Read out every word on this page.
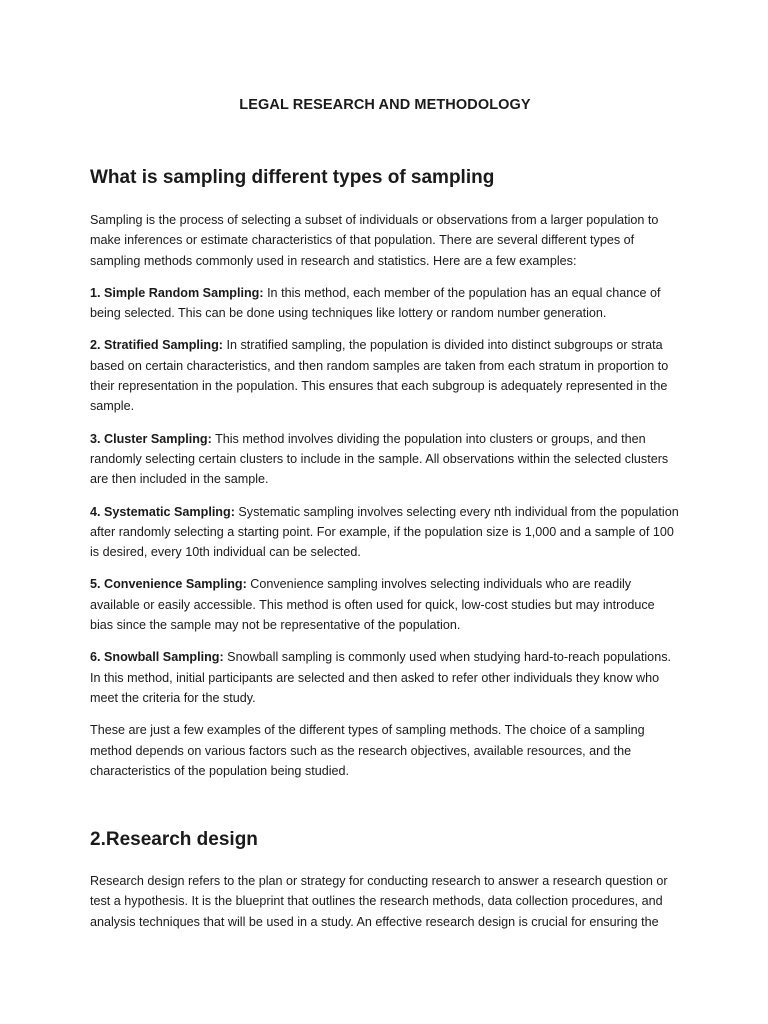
LEGAL RESEARCH AND METHODOLOGY
What is sampling different types of sampling

Sampling is the process of selecting a subset of individuals or observations from a larger population to make inferences or estimate characteristics of that population. There are several different types of sampling methods commonly used in research and statistics. Here are a few examples:

1. Simple Random Sampling: In this method, each member of the population has an equal chance of being selected. This can be done using techniques like lottery or random number generation.

2. Stratified Sampling: In stratified sampling, the population is divided into distinct subgroups or strata based on certain characteristics, and then random samples are taken from each stratum in proportion to their representation in the population. This ensures that each subgroup is adequately represented in the sample.

3. Cluster Sampling: This method involves dividing the population into clusters or groups, and then randomly selecting certain clusters to include in the sample. All observations within the selected clusters are then included in the sample.

4. Systematic Sampling: Systematic sampling involves selecting every nth individual from the population after randomly selecting a starting point. For example, if the population size is 1,000 and a sample of 100 is desired, every 10th individual can be selected.

5. Convenience Sampling: Convenience sampling involves selecting individuals who are readily available or easily accessible. This method is often used for quick, low-cost studies but may introduce bias since the sample may not be representative of the population.

6. Snowball Sampling: Snowball sampling is commonly used when studying hard-to-reach populations. In this method, initial participants are selected and then asked to refer other individuals they know who meet the criteria for the study.

These are just a few examples of the different types of sampling methods. The choice of a sampling method depends on various factors such as the research objectives, available resources, and the characteristics of the population being studied.

2.Research design

Research design refers to the plan or strategy for conducting research to answer a research question or test a hypothesis. It is the blueprint that outlines the research methods, data collection procedures, and analysis techniques that will be used in a study. An effective research design is crucial for ensuring the
